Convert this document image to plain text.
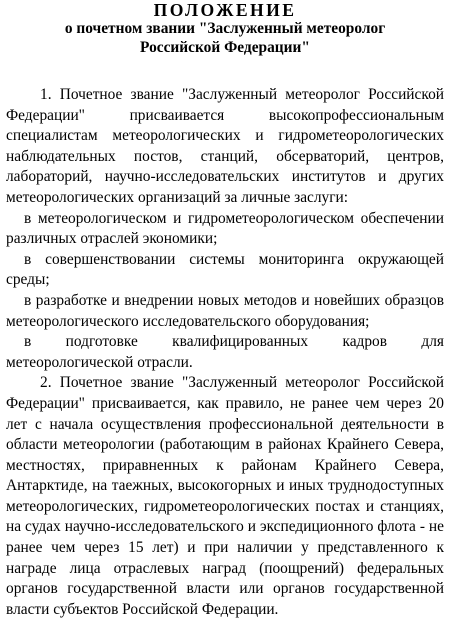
ПОЛОЖЕНИЕ

о почетном звании "Заслуженный метеоролог

Российской Федерации"

1. Почетное звание "Заслуженный метеоролог Российской Федерации" присваивается высокопрофессиональным специалистам метеорологических и гидрометеорологических наблюдательных постов, станций, обсерваторий, центров, лабораторий, научно-исследовательских институтов и других метеорологических организаций за личные заслуги:

в метеорологическом и гидрометеорологическом обеспечении различных отраслей экономики;

в совершенствовании системы мониторинга окружающей среды;

в разработке и внедрении новых методов и новейших образцов метеорологического исследовательского оборудования;

в подготовке квалифицированных кадров для метеорологической отрасли.

2. Почетное звание "Заслуженный метеоролог Российской Федерации" присваивается, как правило, не ранее чем через 20 лет с начала осуществления профессиональной деятельности в области метеорологии (работающим в районах Крайнего Севера, местностях, приравненных к районам Крайнего Севера, Антарктиде, на таежных, высокогорных и иных труднодоступных метеорологических, гидрометеорологических постах и станциях, на судах научно-исследовательского и экспедиционного флота - не ранее чем через 15 лет) и при наличии у представленного к награде лица отраслевых наград (поощрений) федеральных органов государственной власти или органов государственной власти субъектов Российской Федерации.
